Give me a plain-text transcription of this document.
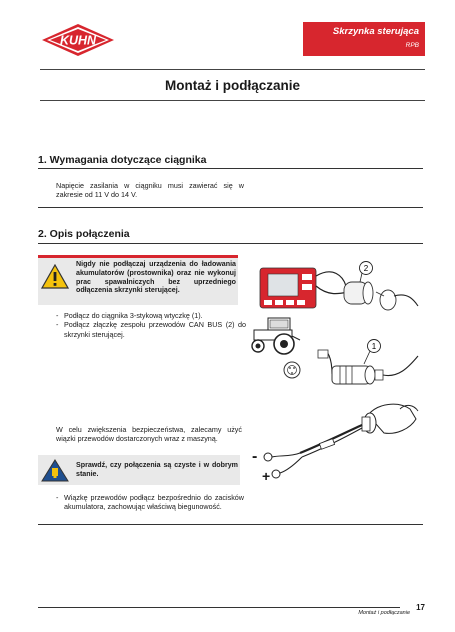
KUHN
Skrzynka sterująca
RPB
Montaż i podłączanie
1. Wymagania dotyczące ciągnika
Napięcie zasilania w ciągniku musi zawierać się w zakresie od 11 V do 14 V.
2. Opis połączenia
Nigdy nie podłączaj urządzenia do ładowania akumulatorów (prostownika) oraz nie wykonuj prac spawalniczych bez uprzedniego odłączenia skrzynki sterującej.
- Podłącz do ciągnika 3-stykową wtyczkę (1).
- Podłącz złączkę zespołu przewodów CAN BUS (2) do skrzynki sterującej.
2
1
W celu zwiększenia bezpieczeństwa, zalecamy użyć wiązki przewodów dostarczonych wraz z maszyną.
Sprawdź, czy połączenia są czyste i w dobrym stanie.
- Wiązkę przewodów podłącz bezpośrednio do zacisków akumulatora, zachowując właściwą biegunowość.
-
+
17
Montaż i podłączanie
